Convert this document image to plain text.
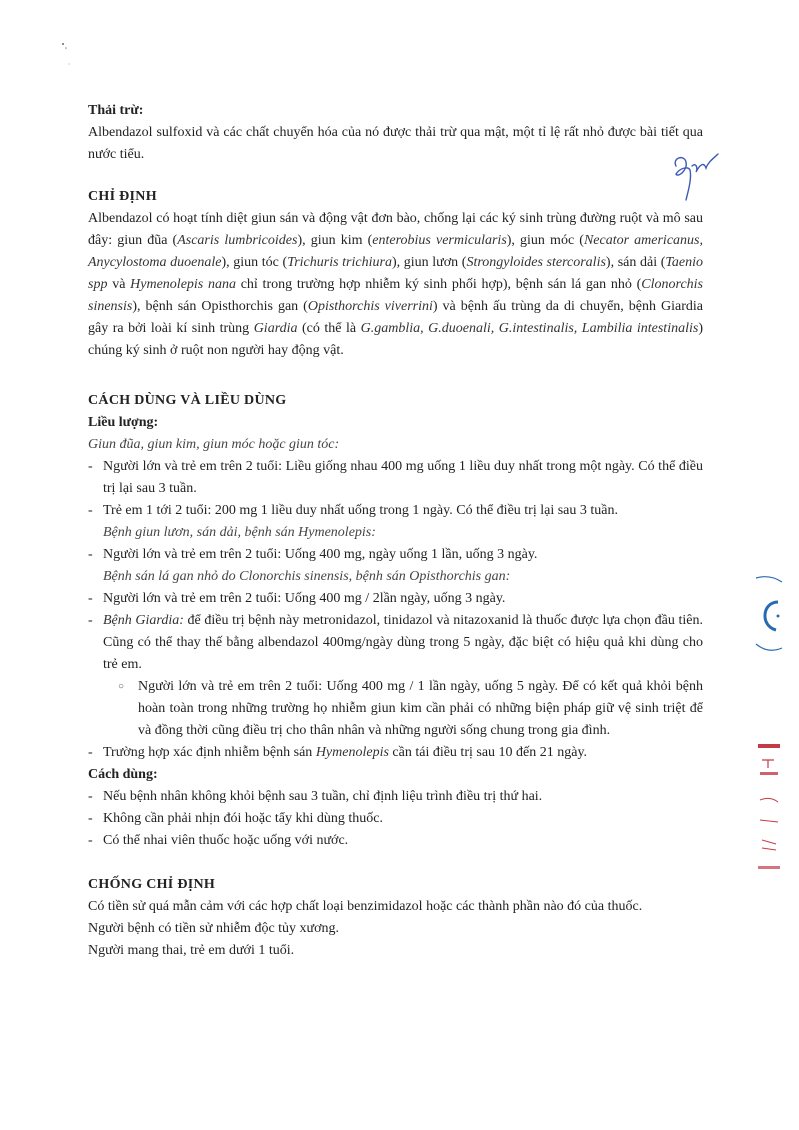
Thải trừ:

Albendazol sulfoxid và các chất chuyển hóa của nó được thải trừ qua mật, một tỉ lệ rất nhỏ được bài tiết qua nước tiểu.

CHỈ ĐỊNH

Albendazol có hoạt tính diệt giun sán và động vật đơn bào, chống lại các ký sinh trùng đường ruột và mô sau đây: giun đũa (Ascaris lumbricoides), giun kim (enterobius vermicularis), giun móc (Necator americanus, Anycylostoma duoenale), giun tóc (Trichuris trichiura), giun lươn (Strongyloides stercoralis), sán dải (Taenio spp và Hymenolepis nana chỉ trong trường hợp nhiễm ký sinh phối hợp), bệnh sán lá gan nhỏ (Clonorchis sinensis), bệnh sán Opisthorchis gan (Opisthorchis viverrini) và bệnh ấu trùng da di chuyển, bệnh Giardia gây ra bởi loài kí sinh trùng Giardia (có thể là G.gamblia, G.duoenali, G.intestinalis, Lambilia intestinalis) chúng ký sinh ở ruột non người hay động vật.

CÁCH DÙNG VÀ LIỀU DÙNG

Liều lượng:

Giun đũa, giun kim, giun móc hoặc giun tóc:

- Người lớn và trẻ em trên 2 tuổi: Liều giống nhau 400 mg uống 1 liều duy nhất trong một ngày. Có thể điều trị lại sau 3 tuần.
- Trẻ em 1 tới 2 tuổi: 200 mg 1 liều duy nhất uống trong 1 ngày. Có thể điều trị lại sau 3 tuần.

Bệnh giun lươn, sán dải, bệnh sán Hymenolepis:

- Người lớn và trẻ em trên 2 tuổi: Uống 400 mg, ngày uống 1 lần, uống 3 ngày.

Bệnh sán lá gan nhỏ do Clonorchis sinensis, bệnh sán Opisthorchis gan:

- Người lớn và trẻ em trên 2 tuổi: Uống 400 mg / 2lần ngày, uống 3 ngày.
- Bệnh Giardia: để điều trị bệnh này metronidazol, tinidazol và nitazoxanid là thuốc được lựa chọn đầu tiên. Cũng có thể thay thế bằng albendazol 400mg/ngày dùng trong 5 ngày, đặc biệt có hiệu quả khi dùng cho trẻ em.
○ Người lớn và trẻ em trên 2 tuổi: Uống 400 mg / 1 lần ngày, uống 5 ngày. Để có kết quả khỏi bệnh hoàn toàn trong những trường họ nhiễm giun kim cần phải có những biện pháp giữ vệ sinh triệt để và đồng thời cũng điều trị cho thân nhân và những người sống chung trong gia đình.
- Trường hợp xác định nhiễm bệnh sán Hymenolepis cần tái điều trị sau 10 đến 21 ngày.

Cách dùng:

- Nếu bệnh nhân không khỏi bệnh sau 3 tuần, chỉ định liệu trình điều trị thứ hai.
- Không cần phải nhịn đói hoặc tẩy khi dùng thuốc.
- Có thể nhai viên thuốc hoặc uống với nước.

CHỐNG CHỈ ĐỊNH

Có tiền sử quá mẫn cảm với các hợp chất loại benzimidazol hoặc các thành phần nào đó của thuốc.

Người bệnh có tiền sử nhiễm độc tủy xương.

Người mang thai, trẻ em dưới 1 tuổi.
